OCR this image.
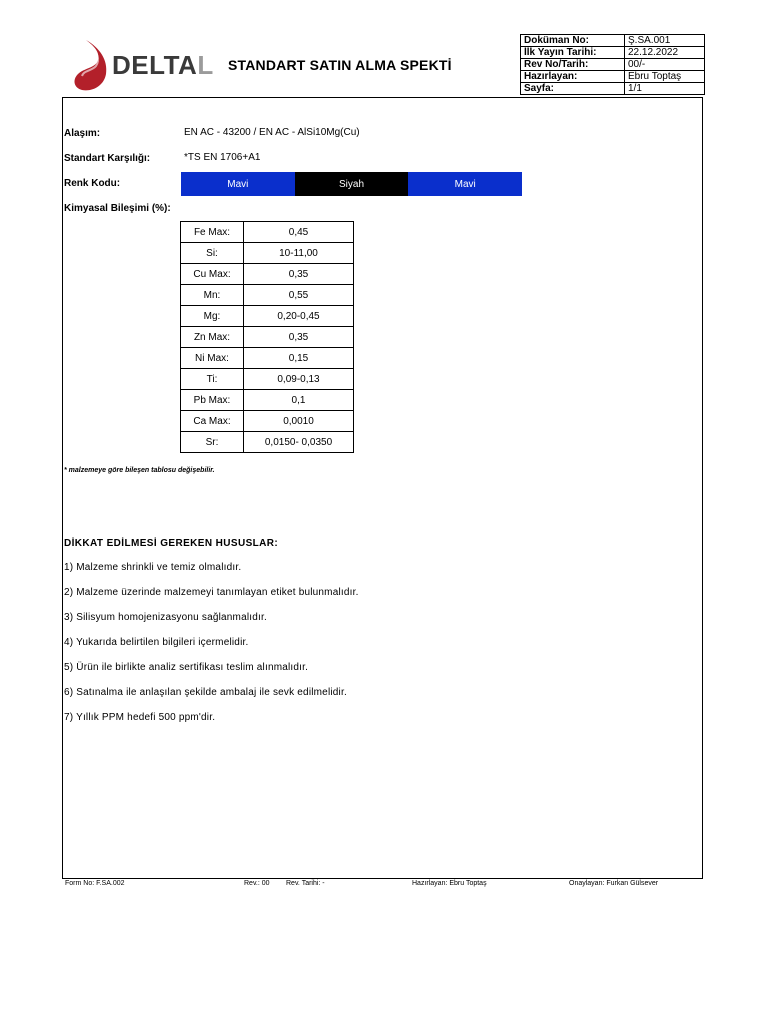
DELTAL STANDART SATIN ALMA SPEKTİ
Doküman No:	Ş.SA.001
İlk Yayın Tarihi:	22.12.2022
Rev No/Tarih:	00/-
Hazırlayan:	Ebru Toptaş
Sayfa:	1/1
Alaşım:	EN AC - 43200 / EN AC - AlSi10Mg(Cu)
Standart Karşılığı:	*TS EN 1706+A1
Renk Kodu:	Mavi	Siyah	Mavi
Kimyasal Bileşimi (%):
Fe Max:	0,45
Si:	10-11,00
Cu Max:	0,35
Mn:	0,55
Mg:	0,20-0,45
Zn Max:	0,35
Ni Max:	0,15
Ti:	0,09-0,13
Pb Max:	0,1
Ca Max:	0,0010
Sr:	0,0150- 0,0350
* malzemeye göre bileşen tablosu değişebilir.
DİKKAT EDİLMESİ GEREKEN HUSUSLAR:
1) Malzeme shrinkli ve temiz olmalıdır.
2) Malzeme üzerinde malzemeyi tanımlayan etiket bulunmalıdır.
3) Silisyum homojenizasyonu sağlanmalıdır.
4) Yukarıda belirtilen bilgileri içermelidir.
5) Ürün ile birlikte analiz sertifikası teslim alınmalıdır.
6) Satınalma ile anlaşılan şekilde ambalaj ile sevk edilmelidir.
7) Yıllık PPM hedefi 500 ppm'dir.
Form No: F.SA.002	Rev.: 00 Rev. Tarihi: -	Hazırlayan: Ebru Toptaş	Onaylayan: Furkan Gülsever
